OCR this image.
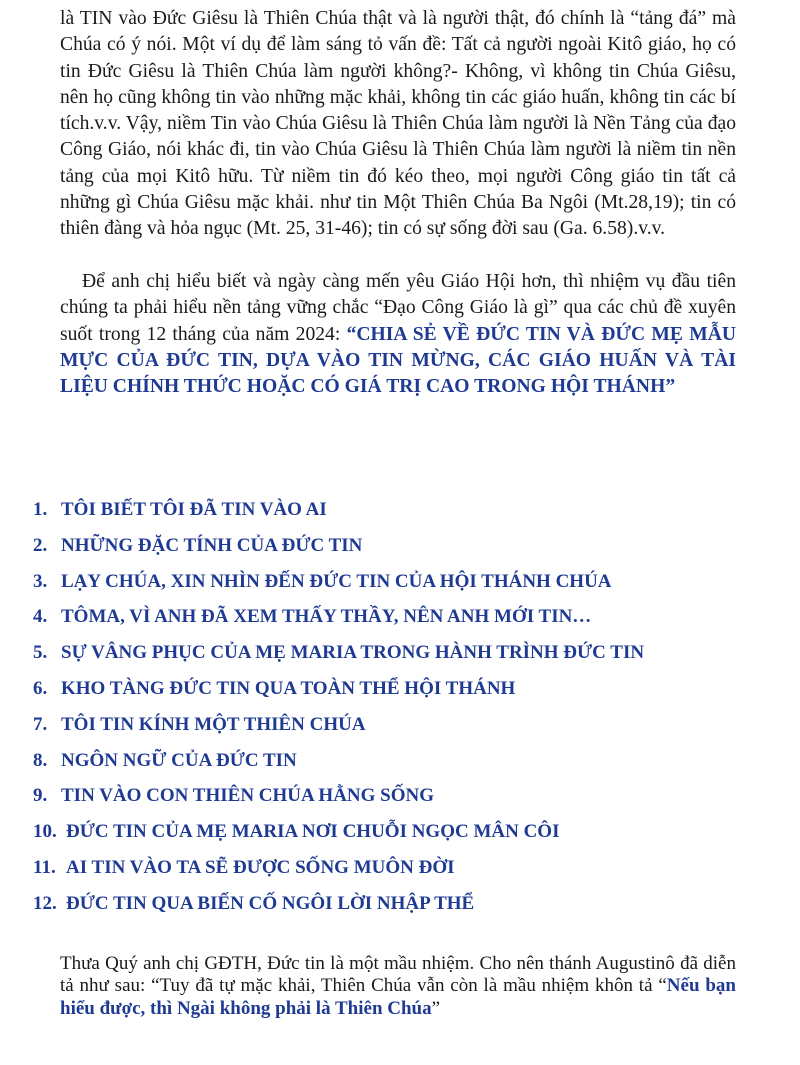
là TIN vào Đức Giêsu là Thiên Chúa thật và là người thật, đó chính là “tảng đá” mà Chúa có ý nói. Một ví dụ để làm sáng tỏ vấn đề: Tất cả người ngoài Kitô giáo, họ có tin Đức Giêsu là Thiên Chúa làm người không?- Không, vì không tin Chúa Giêsu, nên họ cũng không tin vào những mặc khải, không tin các giáo huấn, không tin các bí tích.v.v. Vậy, niềm Tin vào Chúa Giêsu là Thiên Chúa làm người là Nền Tảng của đạo Công Giáo, nói khác đi, tin vào Chúa Giêsu là Thiên Chúa làm người là niềm tin nền tảng của mọi Kitô hữu. Từ niềm tin đó kéo theo, mọi người Công giáo tin tất cả những gì Chúa Giêsu mặc khải. như tin Một Thiên Chúa Ba Ngôi (Mt.28,19); tin có thiên đàng và hỏa ngục (Mt. 25, 31-46); tin có sự sống đời sau (Ga. 6.58).v.v.

Để anh chị hiểu biết và ngày càng mến yêu Giáo Hội hơn, thì nhiệm vụ đầu tiên chúng ta phải hiểu nền tảng vững chắc “Đạo Công Giáo là gì” qua các chủ đề xuyên suốt trong 12 tháng của năm 2024: “CHIA SẺ VỀ ĐỨC TIN VÀ ĐỨC MẸ MẪU MỰC CỦA ĐỨC TIN, DỰA VÀO TIN MỪNG, CÁC GIÁO HUẤN VÀ TÀI LIỆU CHÍNH THỨC HOẶC CÓ GIÁ TRỊ CAO TRONG HỘI THÁNH”

1. TÔI BIẾT TÔI ĐÃ TIN VÀO AI
2. NHỮNG ĐẶC TÍNH CỦA ĐỨC TIN
3. LẠY CHÚA, XIN NHÌN ĐẾN ĐỨC TIN CỦA HỘI THÁNH CHÚA
4. TÔMA, VÌ ANH ĐÃ XEM THẤY THẦY, NÊN ANH MỚI TIN…
5. SỰ VÂNG PHỤC CỦA MẸ MARIA TRONG HÀNH TRÌNH ĐỨC TIN
6. KHO TÀNG ĐỨC TIN QUA TOÀN THỂ HỘI THÁNH
7. TÔI TIN KÍNH MỘT THIÊN CHÚA
8. NGÔN NGỮ CỦA ĐỨC TIN
9. TIN VÀO CON THIÊN CHÚA HẰNG SỐNG
10. ĐỨC TIN CỦA MẸ MARIA NƠI CHUỖI NGỌC MÂN CÔI
11. AI TIN VÀO TA SẼ ĐƯỢC SỐNG MUÔN ĐỜI
12. ĐỨC TIN QUA BIẾN CỐ NGÔI LỜI NHẬP THỂ

Thưa Quý anh chị GĐTH, Đức tin là một mầu nhiệm. Cho nên thánh Augustinô đã diễn tả như sau: “Tuy đã tự mặc khải, Thiên Chúa vẫn còn là mầu nhiệm khôn tả “Nếu bạn hiểu được, thì Ngài không phải là Thiên Chúa”
